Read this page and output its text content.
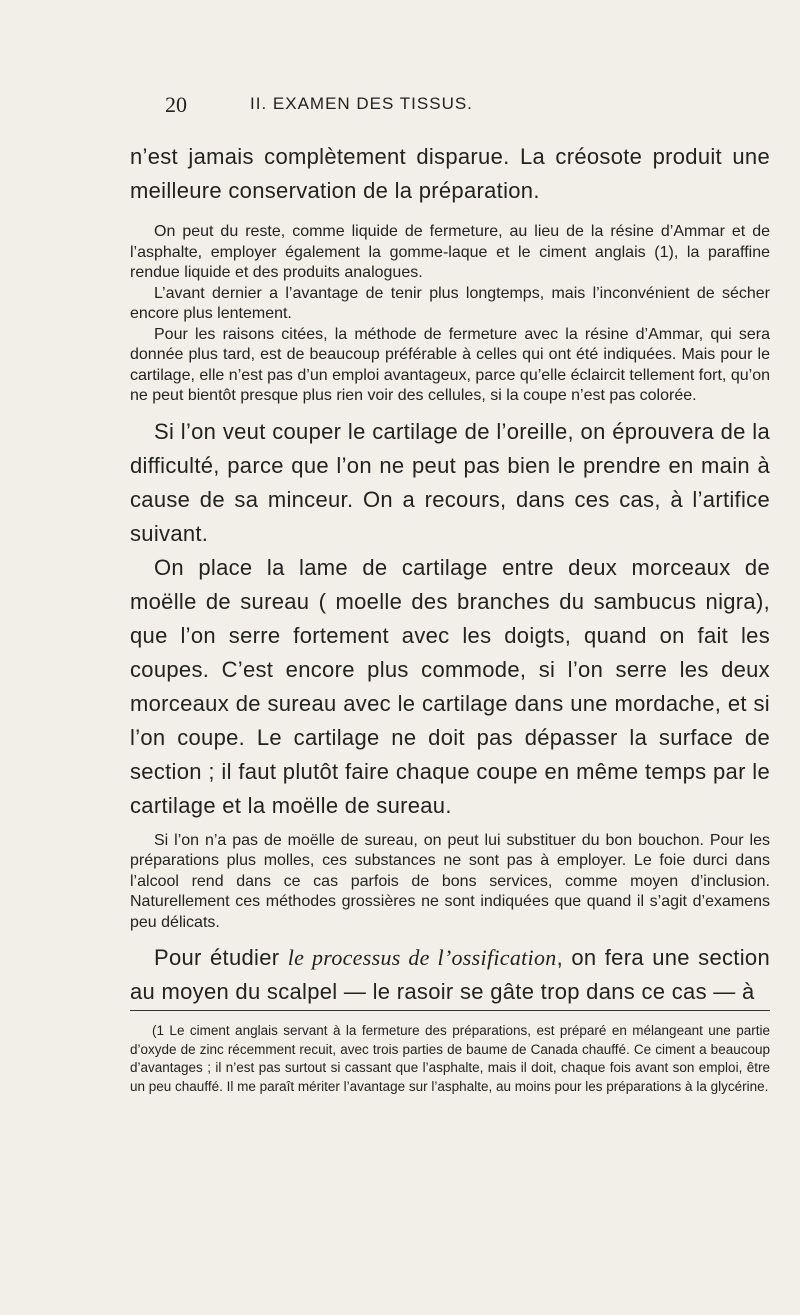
20	II. EXAMEN DES TISSUS.

n’est jamais complètement disparue. La créosote produit une meilleure conservation de la préparation.

On peut du reste, comme liquide de fermeture, au lieu de la résine d’Ammar et de l’asphalte, employer également la gomme-laque et le ciment anglais (1), la paraffine rendue liquide et des produits analogues.

L’avant dernier a l’avantage de tenir plus longtemps, mais l’inconvénient de sécher encore plus lentement.

Pour les raisons citées, la méthode de fermeture avec la résine d’Ammar, qui sera donnée plus tard, est de beaucoup préférable à celles qui ont été indiquées. Mais pour le cartilage, elle n’est pas d’un emploi avantageux, parce qu’elle éclaircit tellement fort, qu’on ne peut bientôt presque plus rien voir des cellules, si la coupe n’est pas colorée.

Si l’on veut couper le cartilage de l’oreille, on éprouvera de la difficulté, parce que l’on ne peut pas bien le prendre en main à cause de sa minceur. On a recours, dans ces cas, à l’artifice suivant.

On place la lame de cartilage entre deux morceaux de moëlle de sureau ( moelle des branches du sambucus nigra), que l’on serre fortement avec les doigts, quand on fait les coupes. C’est encore plus commode, si l’on serre les deux morceaux de sureau avec le cartilage dans une mordache, et si l’on coupe. Le cartilage ne doit pas dépasser la surface de section ; il faut plutôt faire chaque coupe en même temps par le cartilage et la moëlle de sureau.

Si l’on n’a pas de moëlle de sureau, on peut lui substituer du bon bouchon. Pour les préparations plus molles, ces substances ne sont pas à employer. Le foie durci dans l’alcool rend dans ce cas parfois de bons services, comme moyen d’inclusion. Naturellement ces méthodes grossières ne sont indiquées que quand il s’agit d’examens peu délicats.

Pour étudier le processus de l’ossification, on fera une section au moyen du scalpel — le rasoir se gâte trop dans ce cas — à

(1 Le ciment anglais servant à la fermeture des préparations, est préparé en mélangeant une partie d’oxyde de zinc récemment recuit, avec trois parties de baume de Canada chauffé. Ce ciment a beaucoup d’avantages ; il n’est pas surtout si cassant que l’asphalte, mais il doit, chaque fois avant son emploi, être un peu chauffé. Il me paraît mériter l’avantage sur l’asphalte, au moins pour les préparations à la glycérine.
